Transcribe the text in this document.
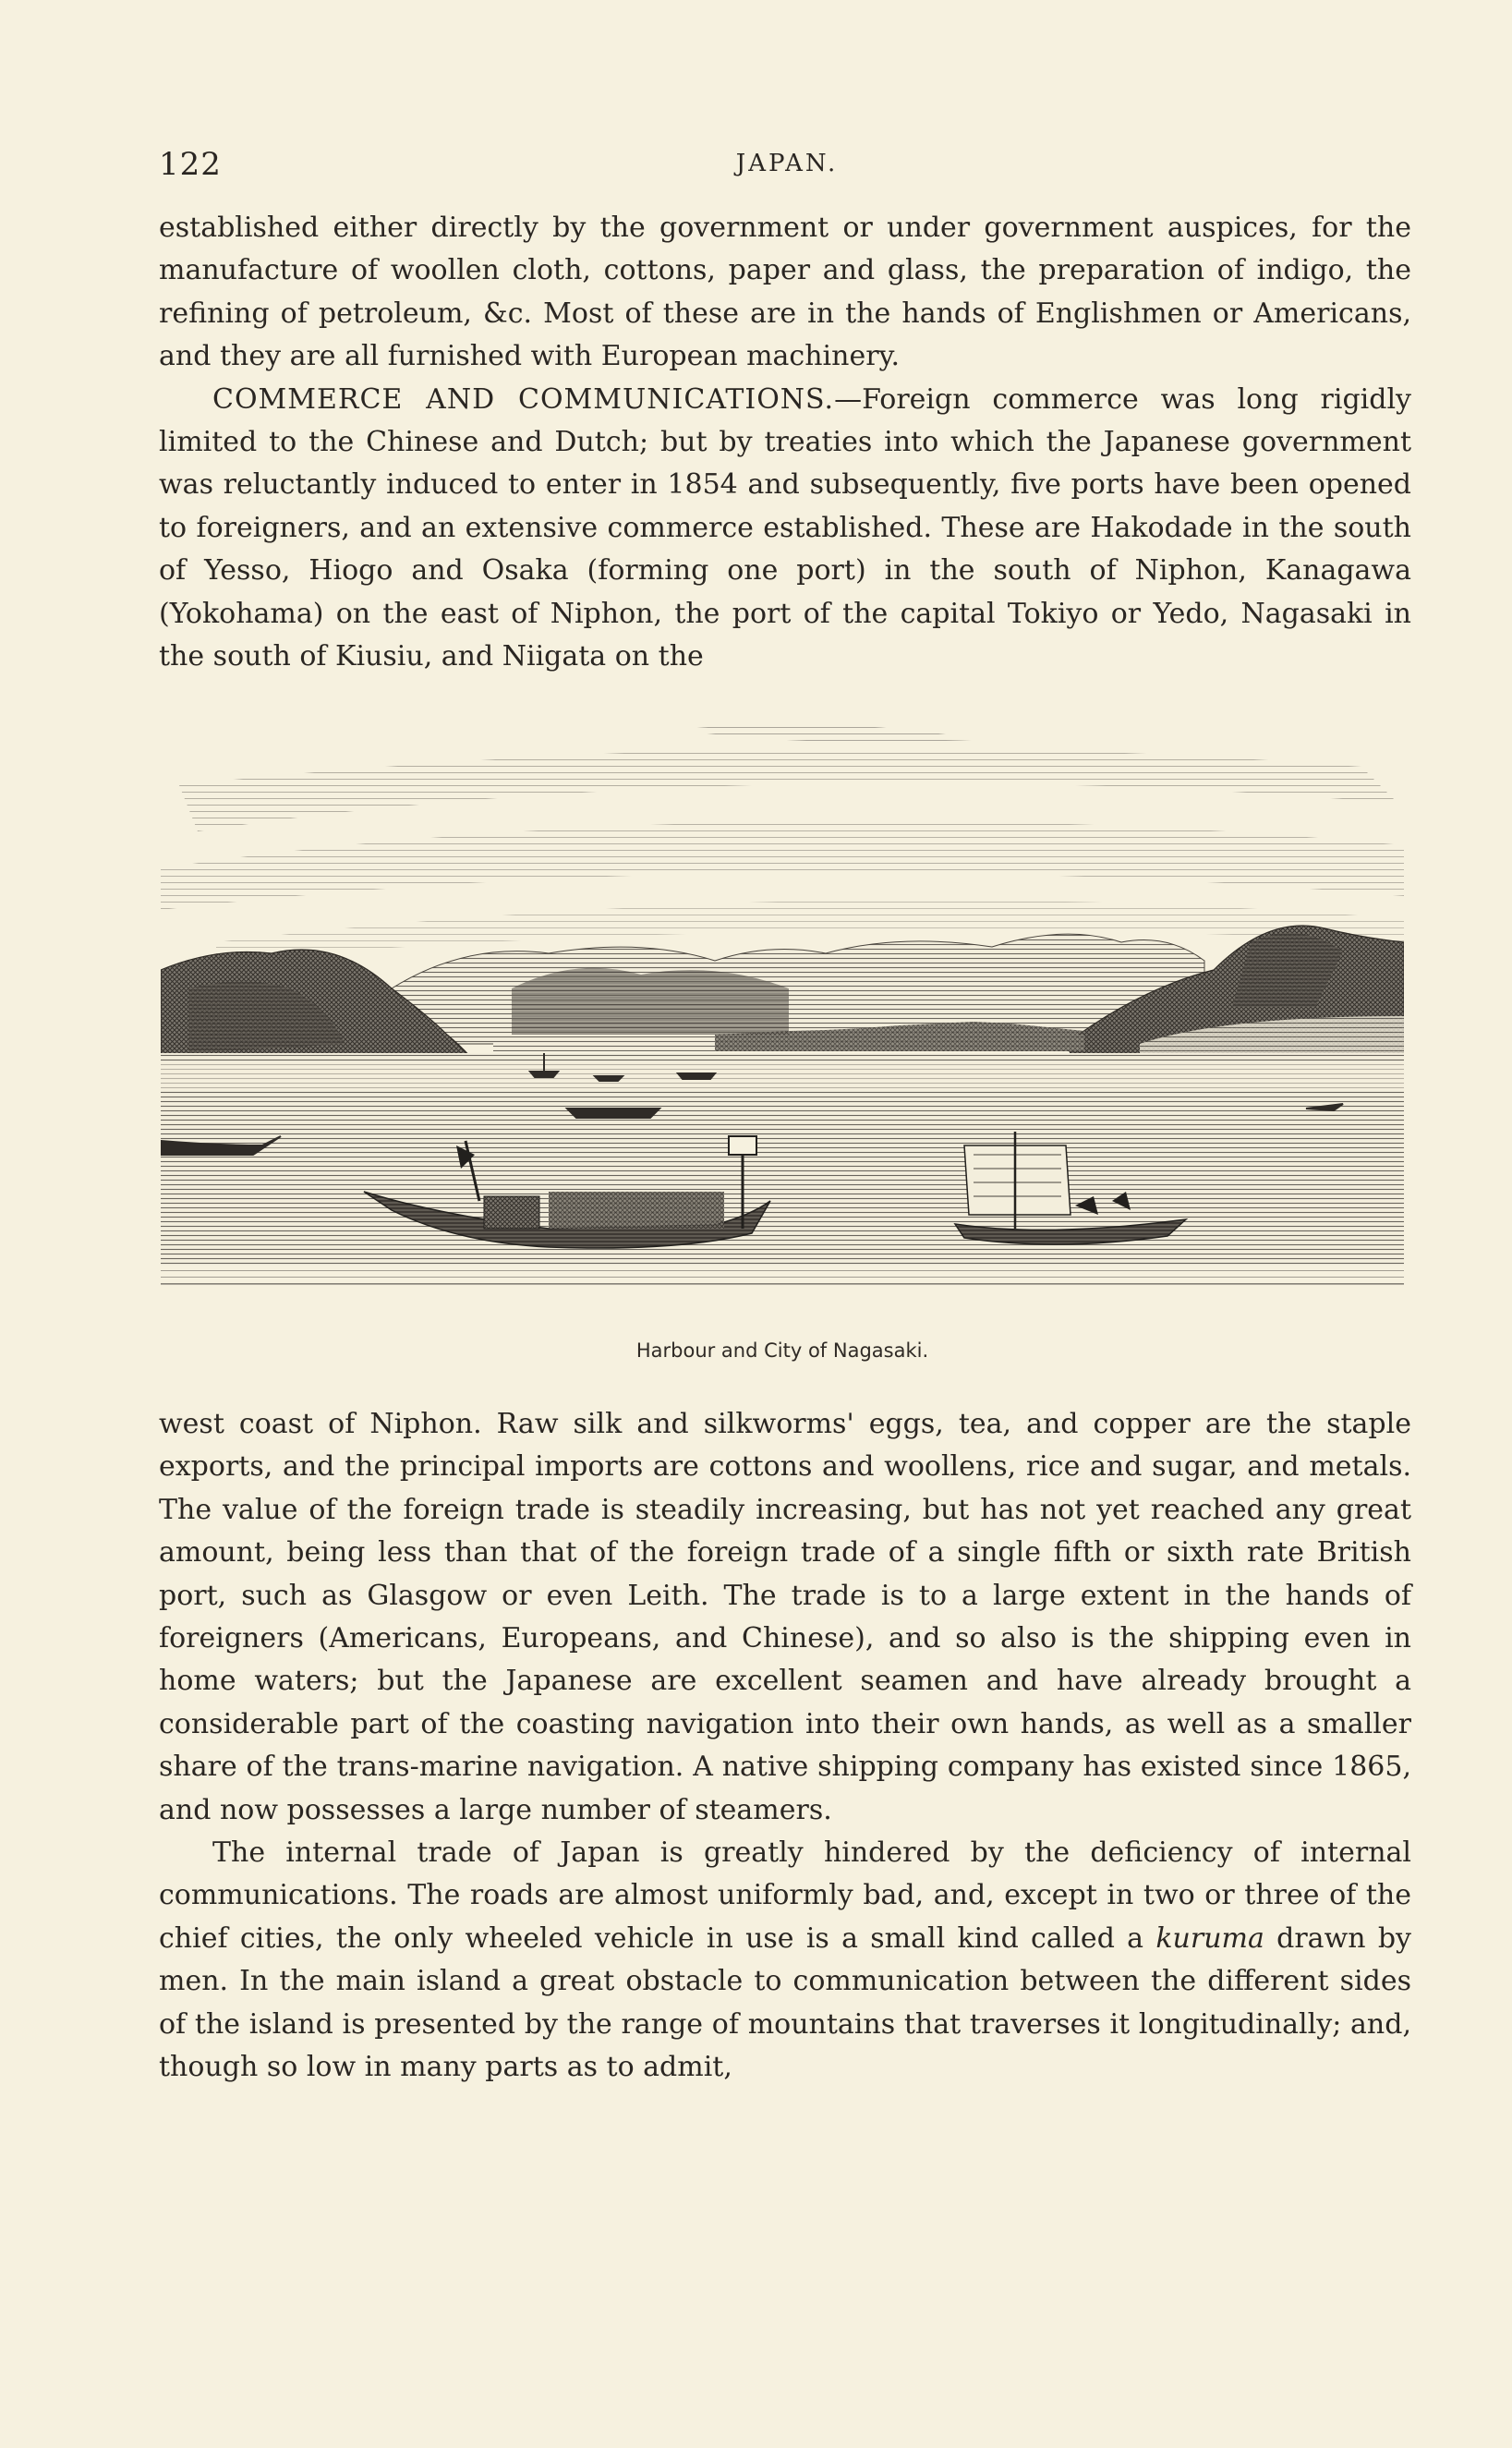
122	JAPAN.

established either directly by the government or under government auspices, for the manufacture of woollen cloth, cottons, paper and glass, the preparation of indigo, the refining of petroleum, &c. Most of these are in the hands of Englishmen or Americans, and they are all furnished with European machinery.

COMMERCE AND COMMUNICATIONS.—Foreign commerce was long rigidly limited to the Chinese and Dutch; but by treaties into which the Japanese government was reluctantly induced to enter in 1854 and subsequently, five ports have been opened to foreigners, and an extensive commerce established. These are Hakodade in the south of Yesso, Hiogo and Osaka (forming one port) in the south of Niphon, Kanagawa (Yokohama) on the east of Niphon, the port of the capital Tokiyo or Yedo, Nagasaki in the south of Kiusiu, and Niigata on the

Harbour and City of Nagasaki.

west coast of Niphon. Raw silk and silkworms' eggs, tea, and copper are the staple exports, and the principal imports are cottons and woollens, rice and sugar, and metals. The value of the foreign trade is steadily increasing, but has not yet reached any great amount, being less than that of the foreign trade of a single fifth or sixth rate British port, such as Glasgow or even Leith. The trade is to a large extent in the hands of foreigners (Americans, Europeans, and Chinese), and so also is the shipping even in home waters; but the Japanese are excellent seamen and have already brought a considerable part of the coasting navigation into their own hands, as well as a smaller share of the trans-marine navigation. A native shipping company has existed since 1865, and now possesses a large number of steamers.

The internal trade of Japan is greatly hindered by the deficiency of internal communications. The roads are almost uniformly bad, and, except in two or three of the chief cities, the only wheeled vehicle in use is a small kind called a kuruma drawn by men. In the main island a great obstacle to communication between the different sides of the island is presented by the range of mountains that traverses it longitudinally; and, though so low in many parts as to admit,
